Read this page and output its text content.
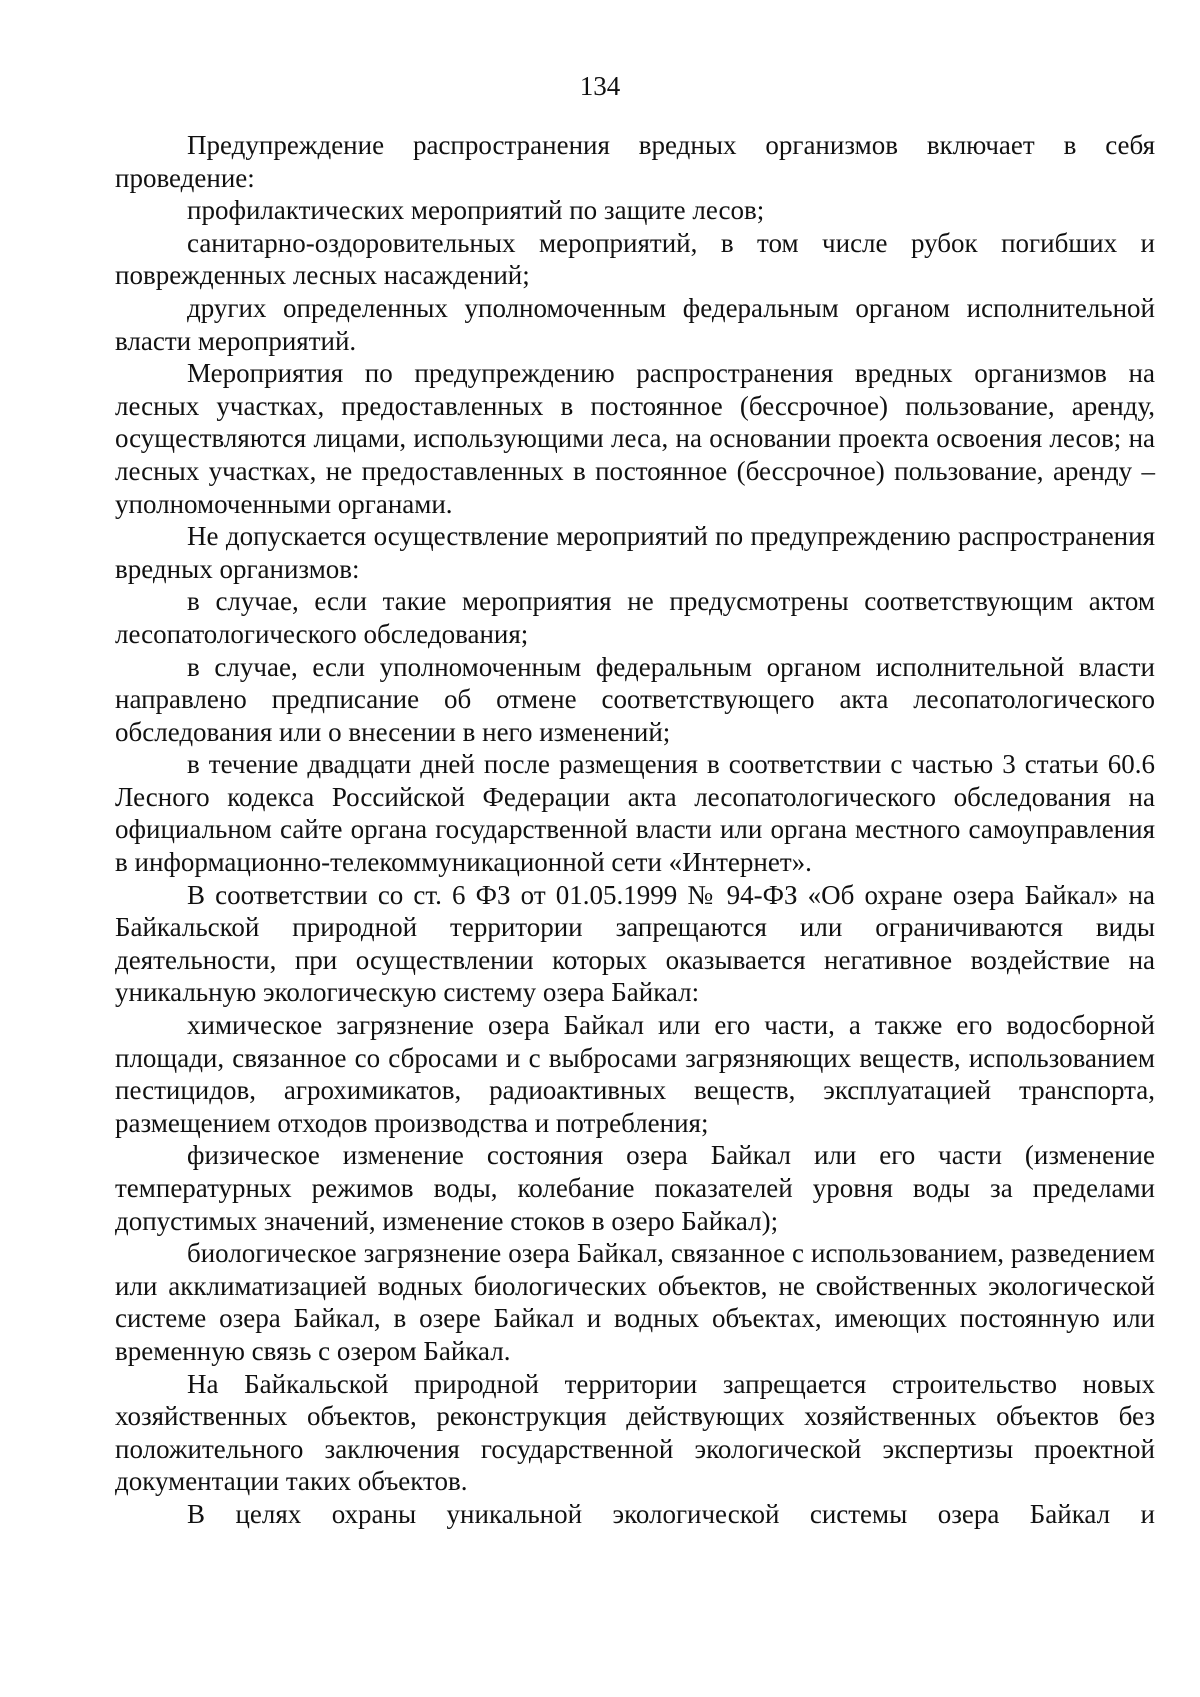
134

Предупреждение распространения вредных организмов включает в себя проведение:

профилактических мероприятий по защите лесов;

санитарно-оздоровительных мероприятий, в том числе рубок погибших и поврежденных лесных насаждений;

других определенных уполномоченным федеральным органом исполнительной власти мероприятий.

Мероприятия по предупреждению распространения вредных организмов на лесных участках, предоставленных в постоянное (бессрочное) пользование, аренду, осуществляются лицами, использующими леса, на основании проекта освоения лесов; на лесных участках, не предоставленных в постоянное (бессрочное) пользование, аренду – уполномоченными органами.

Не допускается осуществление мероприятий по предупреждению распространения вредных организмов:

в случае, если такие мероприятия не предусмотрены соответствующим актом лесопатологического обследования;

в случае, если уполномоченным федеральным органом исполнительной власти направлено предписание об отмене соответствующего акта лесопатологического обследования или о внесении в него изменений;

в течение двадцати дней после размещения в соответствии с частью 3 статьи 60.6 Лесного кодекса Российской Федерации акта лесопатологического обследования на официальном сайте органа государственной власти или органа местного самоуправления в информационно-телекоммуникационной сети «Интернет».

В соответствии со ст. 6 ФЗ от 01.05.1999 № 94-ФЗ «Об охране озера Байкал» на Байкальской природной территории запрещаются или ограничиваются виды деятельности, при осуществлении которых оказывается негативное воздействие на уникальную экологическую систему озера Байкал:

химическое загрязнение озера Байкал или его части, а также его водосборной площади, связанное со сбросами и с выбросами загрязняющих веществ, использованием пестицидов, агрохимикатов, радиоактивных веществ, эксплуатацией транспорта, размещением отходов производства и потребления;

физическое изменение состояния озера Байкал или его части (изменение температурных режимов воды, колебание показателей уровня воды за пределами допустимых значений, изменение стоков в озеро Байкал);

биологическое загрязнение озера Байкал, связанное с использованием, разведением или акклиматизацией водных биологических объектов, не свойственных экологической системе озера Байкал, в озере Байкал и водных объектах, имеющих постоянную или временную связь с озером Байкал.

На Байкальской природной территории запрещается строительство новых хозяйственных объектов, реконструкция действующих хозяйственных объектов без положительного заключения государственной экологической экспертизы проектной документации таких объектов.

В целях охраны уникальной экологической системы озера Байкал и
